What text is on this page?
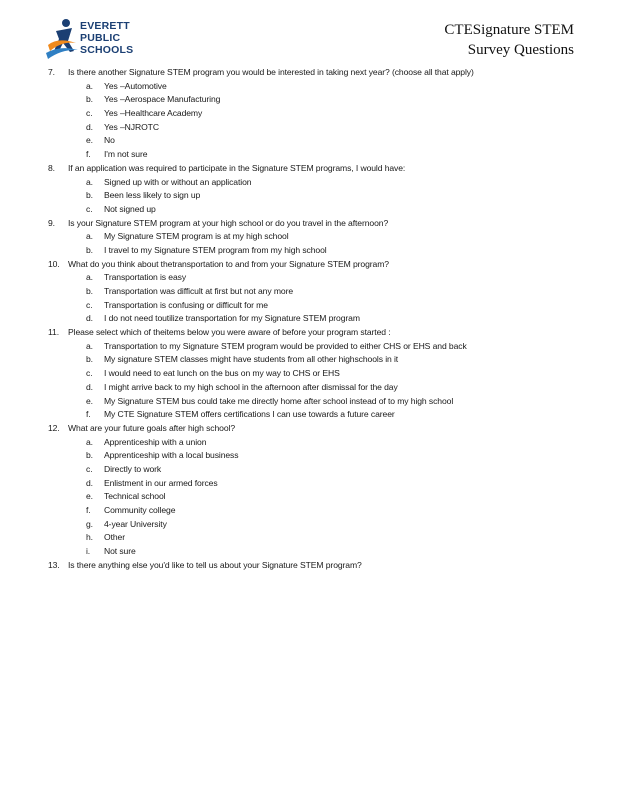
EVERETT
PUBLIC
SCHOOLS
CTESignature STEM
Survey Questions
7.	Is there another Signature STEM program you would be interested in taking next year? (choose all that apply)
a. Yes –Automotive
b. Yes –Aerospace Manufacturing
c. Yes –Healthcare Academy
d. Yes –NJROTC
e. No
f. I'm not sure
8.	If an application was required to participate in the Signature STEM programs, I would have:
a. Signed up with or without an application
b. Been less likely to sign up
c. Not signed up
9.	Is your Signature STEM program at your high school or do you travel in the afternoon?
a. My Signature STEM program is at my high school
b. I travel to my Signature STEM program from my high school
10. What do you think about thetransportation to and from your Signature STEM program?
a. Transportation is easy
b. Transportation was difficult at first but not any more
c. Transportation is confusing or difficult for me
d. I do not need toutilize transportation for my Signature STEM program
11.	Please select which of theitems below you were aware of before your program started :
a. Transportation to my Signature STEM program would be provided to either CHS or EHS and back
b. My signature STEM classes might have students from all other highschools in it
c. I would need to eat lunch on the bus on my way to CHS or EHS
d. I might arrive back to my high school in the afternoon after dismissal for the day
e. My Signature STEM bus could take me directly home after school instead of to my high school
f. My CTE Signature STEM offers certifications I can use towards a future career
12. What are your future goals after high school?
a. Apprenticeship with a union
b. Apprenticeship with a local business
c. Directly to work
d. Enlistment in our armed forces
e. Technical school
f. Community college
g. 4-year University
h. Other
i. Not sure
13. Is there anything else you'd like to tell us about your Signature STEM program?
